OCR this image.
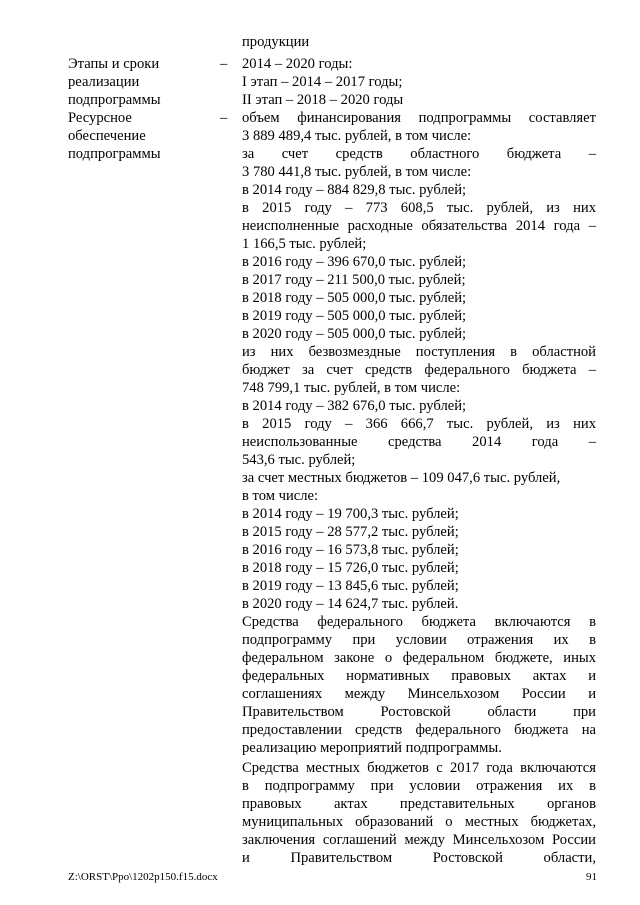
продукции
Этапы и сроки
реализации
подпрограммы
– 2014 – 2020 годы:
I этап – 2014 – 2017 годы;
II этап – 2018 – 2020 годы
Ресурсное
обеспечение
подпрограммы
– объем финансирования подпрограммы составляет
3 889 489,4 тыс. рублей, в том числе:
за счет средств областного бюджета –
3 780 441,8 тыс. рублей, в том числе:
в 2014 году – 884 829,8 тыс. рублей;
в 2015 году – 773 608,5 тыс. рублей, из них
неисполненные расходные обязательства 2014 года –
1 166,5 тыс. рублей;
в 2016 году – 396 670,0 тыс. рублей;
в 2017 году – 211 500,0 тыс. рублей;
в 2018 году – 505 000,0 тыс. рублей;
в 2019 году – 505 000,0 тыс. рублей;
в 2020 году – 505 000,0 тыс. рублей;
из них безвозмездные поступления в областной
бюджет за счет средств федерального бюджета –
748 799,1 тыс. рублей, в том числе:
в 2014 году – 382 676,0 тыс. рублей;
в 2015 году – 366 666,7 тыс. рублей, из них
неиспользованные средства 2014 года –
543,6 тыс. рублей;
за счет местных бюджетов – 109 047,6 тыс. рублей,
в том числе:
в 2014 году – 19 700,3 тыс. рублей;
в 2015 году – 28 577,2 тыс. рублей;
в 2016 году – 16 573,8 тыс. рублей;
в 2018 году – 15 726,0 тыс. рублей;
в 2019 году – 13 845,6 тыс. рублей;
в 2020 году – 14 624,7 тыс. рублей.
Средства федерального бюджета включаются в
подпрограмму при условии отражения их в
федеральном законе о федеральном бюджете, иных
федеральных нормативных правовых актах и
соглашениях между Минсельхозом России и
Правительством Ростовской области при
предоставлении средств федерального бюджета на
реализацию мероприятий подпрограммы.
Средства местных бюджетов с 2017 года включаются
в подпрограмму при условии отражения их в
правовых актах представительных органов
муниципальных образований о местных бюджетах,
заключения соглашений между Минсельхозом России
и Правительством Ростовской области,
Z:\ORST\Ppo\1202p150.f15.docx	91
